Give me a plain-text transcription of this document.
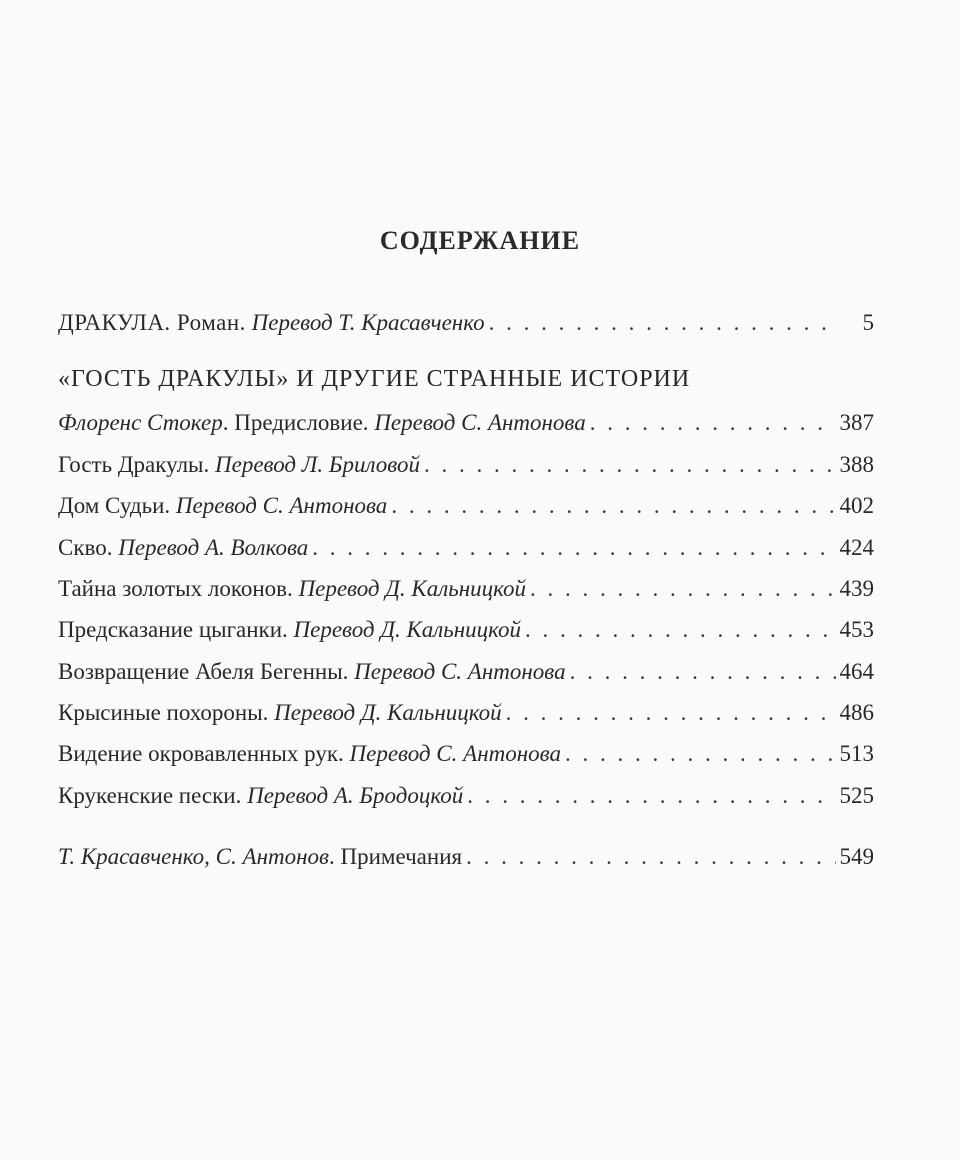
СОДЕРЖАНИЕ
ДРАКУЛА. Роман. Перевод Т. Красавченко . . .	5
«ГОСТЬ ДРАКУЛЫ» И ДРУГИЕ СТРАННЫЕ ИСТОРИИ
Флоренс Стокер. Предисловие. Перевод С. Антонова . . .	387
Гость Дракулы. Перевод Л. Бриловой . . .	388
Дом Судьи. Перевод С. Антонова . . .	402
Скво. Перевод А. Волкова . . .	424
Тайна золотых локонов. Перевод Д. Кальницкой . . .	439
Предсказание цыганки. Перевод Д. Кальницкой . . .	453
Возвращение Абеля Бегенны. Перевод С. Антонова . . .	464
Крысиные похороны. Перевод Д. Кальницкой . . .	486
Видение окровавленных рук. Перевод С. Антонова . . .	513
Крукенские пески. Перевод А. Бродоцкой . . .	525
Т. Красавченко, С. Антонов. Примечания . . .	549
